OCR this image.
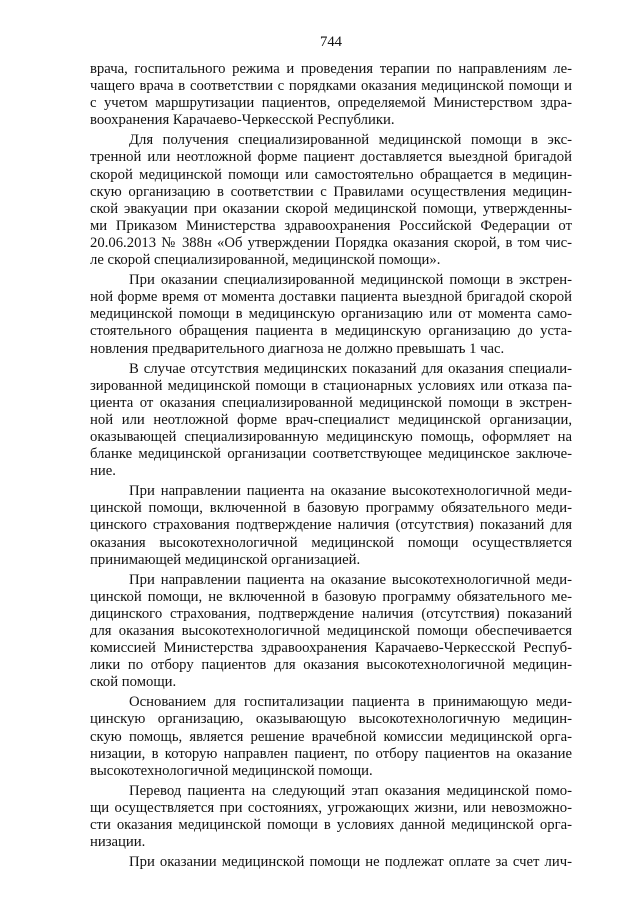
744
врача, госпитального режима и проведения терапии по направлениям ле-
чащего врача в соответствии с порядками оказания медицинской помощи и
с учетом маршрутизации пациентов, определяемой Министерством здра-
воохранения Карачаево-Черкесской Республики.
Для получения специализированной медицинской помощи в экс-
тренной или неотложной форме пациент доставляется выездной бригадой
скорой медицинской помощи или самостоятельно обращается в медицин-
скую организацию в соответствии с Правилами осуществления медицин-
ской эвакуации при оказании скорой медицинской помощи, утвержденны-
ми Приказом Министерства здравоохранения Российской Федерации от
20.06.2013 № 388н «Об утверждении Порядка оказания скорой, в том чис-
ле скорой специализированной, медицинской помощи».
При оказании специализированной медицинской помощи в экстрен-
ной форме время от момента доставки пациента выездной бригадой скорой
медицинской помощи в медицинскую организацию или от момента само-
стоятельного обращения пациента в медицинскую организацию до уста-
новления предварительного диагноза не должно превышать 1 час.
В случае отсутствия медицинских показаний для оказания специали-
зированной медицинской помощи в стационарных условиях или отказа па-
циента от оказания специализированной медицинской помощи в экстрен-
ной или неотложной форме врач-специалист медицинской организации,
оказывающей специализированную медицинскую помощь, оформляет на
бланке медицинской организации соответствующее медицинское заключе-
ние.
При направлении пациента на оказание высокотехнологичной меди-
цинской помощи, включенной в базовую программу обязательного меди-
цинского страхования подтверждение наличия (отсутствия) показаний для
оказания высокотехнологичной медицинской помощи осуществляется
принимающей медицинской организацией.
При направлении пациента на оказание высокотехнологичной меди-
цинской помощи, не включенной в базовую программу обязательного ме-
дицинского страхования, подтверждение наличия (отсутствия) показаний
для оказания высокотехнологичной медицинской помощи обеспечивается
комиссией Министерства здравоохранения Карачаево-Черкесской Респуб-
лики по отбору пациентов для оказания высокотехнологичной медицин-
ской помощи.
Основанием для госпитализации пациента в принимающую меди-
цинскую организацию, оказывающую высокотехнологичную медицин-
скую помощь, является решение врачебной комиссии медицинской орга-
низации, в которую направлен пациент, по отбору пациентов на оказание
высокотехнологичной медицинской помощи.
Перевод пациента на следующий этап оказания медицинской помо-
щи осуществляется при состояниях, угрожающих жизни, или невозможно-
сти оказания медицинской помощи в условиях данной медицинской орга-
низации.
При оказании медицинской помощи не подлежат оплате за счет лич-
